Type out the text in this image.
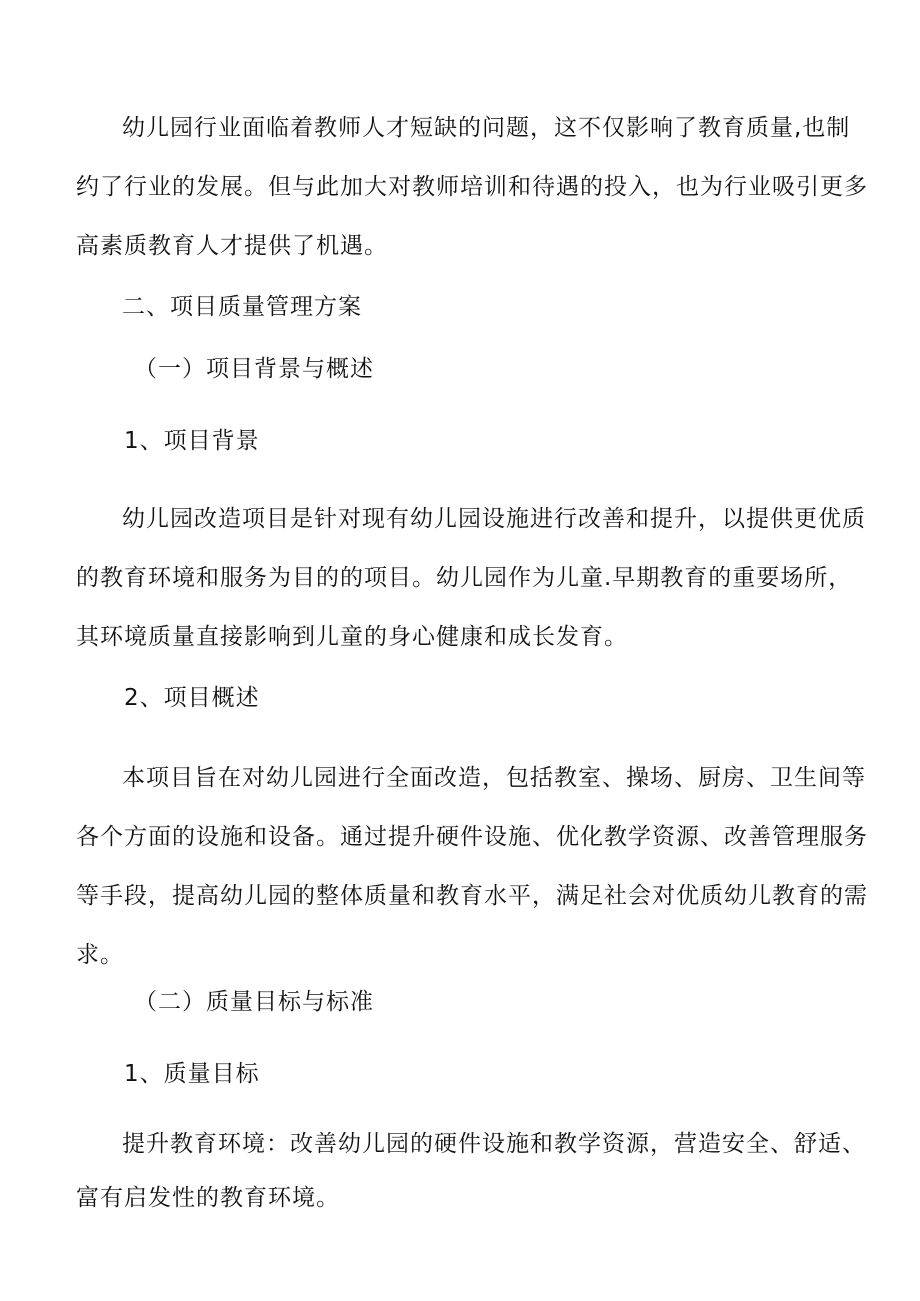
幼儿园行业面临着教师人才短缺的问题，这不仅影响了教育质量,也制
约了行业的发展。但与此加大对教师培训和待遇的投入，也为行业吸引更多
高素质教育人才提供了机遇。
二、项目质量管理方案
（一）项目背景与概述
1、项目背景
幼儿园改造项目是针对现有幼儿园设施进行改善和提升，以提供更优质
的教育环境和服务为目的的项目。幼儿园作为儿童.早期教育的重要场所，
其环境质量直接影响到儿童的身心健康和成长发育。
2、项目概述
本项目旨在对幼儿园进行全面改造，包括教室、操场、厨房、卫生间等
各个方面的设施和设备。通过提升硬件设施、优化教学资源、改善管理服务
等手段，提高幼儿园的整体质量和教育水平，满足社会对优质幼儿教育的需
求。
（二）质量目标与标准
1、质量目标
提升教育环境：改善幼儿园的硬件设施和教学资源，营造安全、舒适、
富有启发性的教育环境。
